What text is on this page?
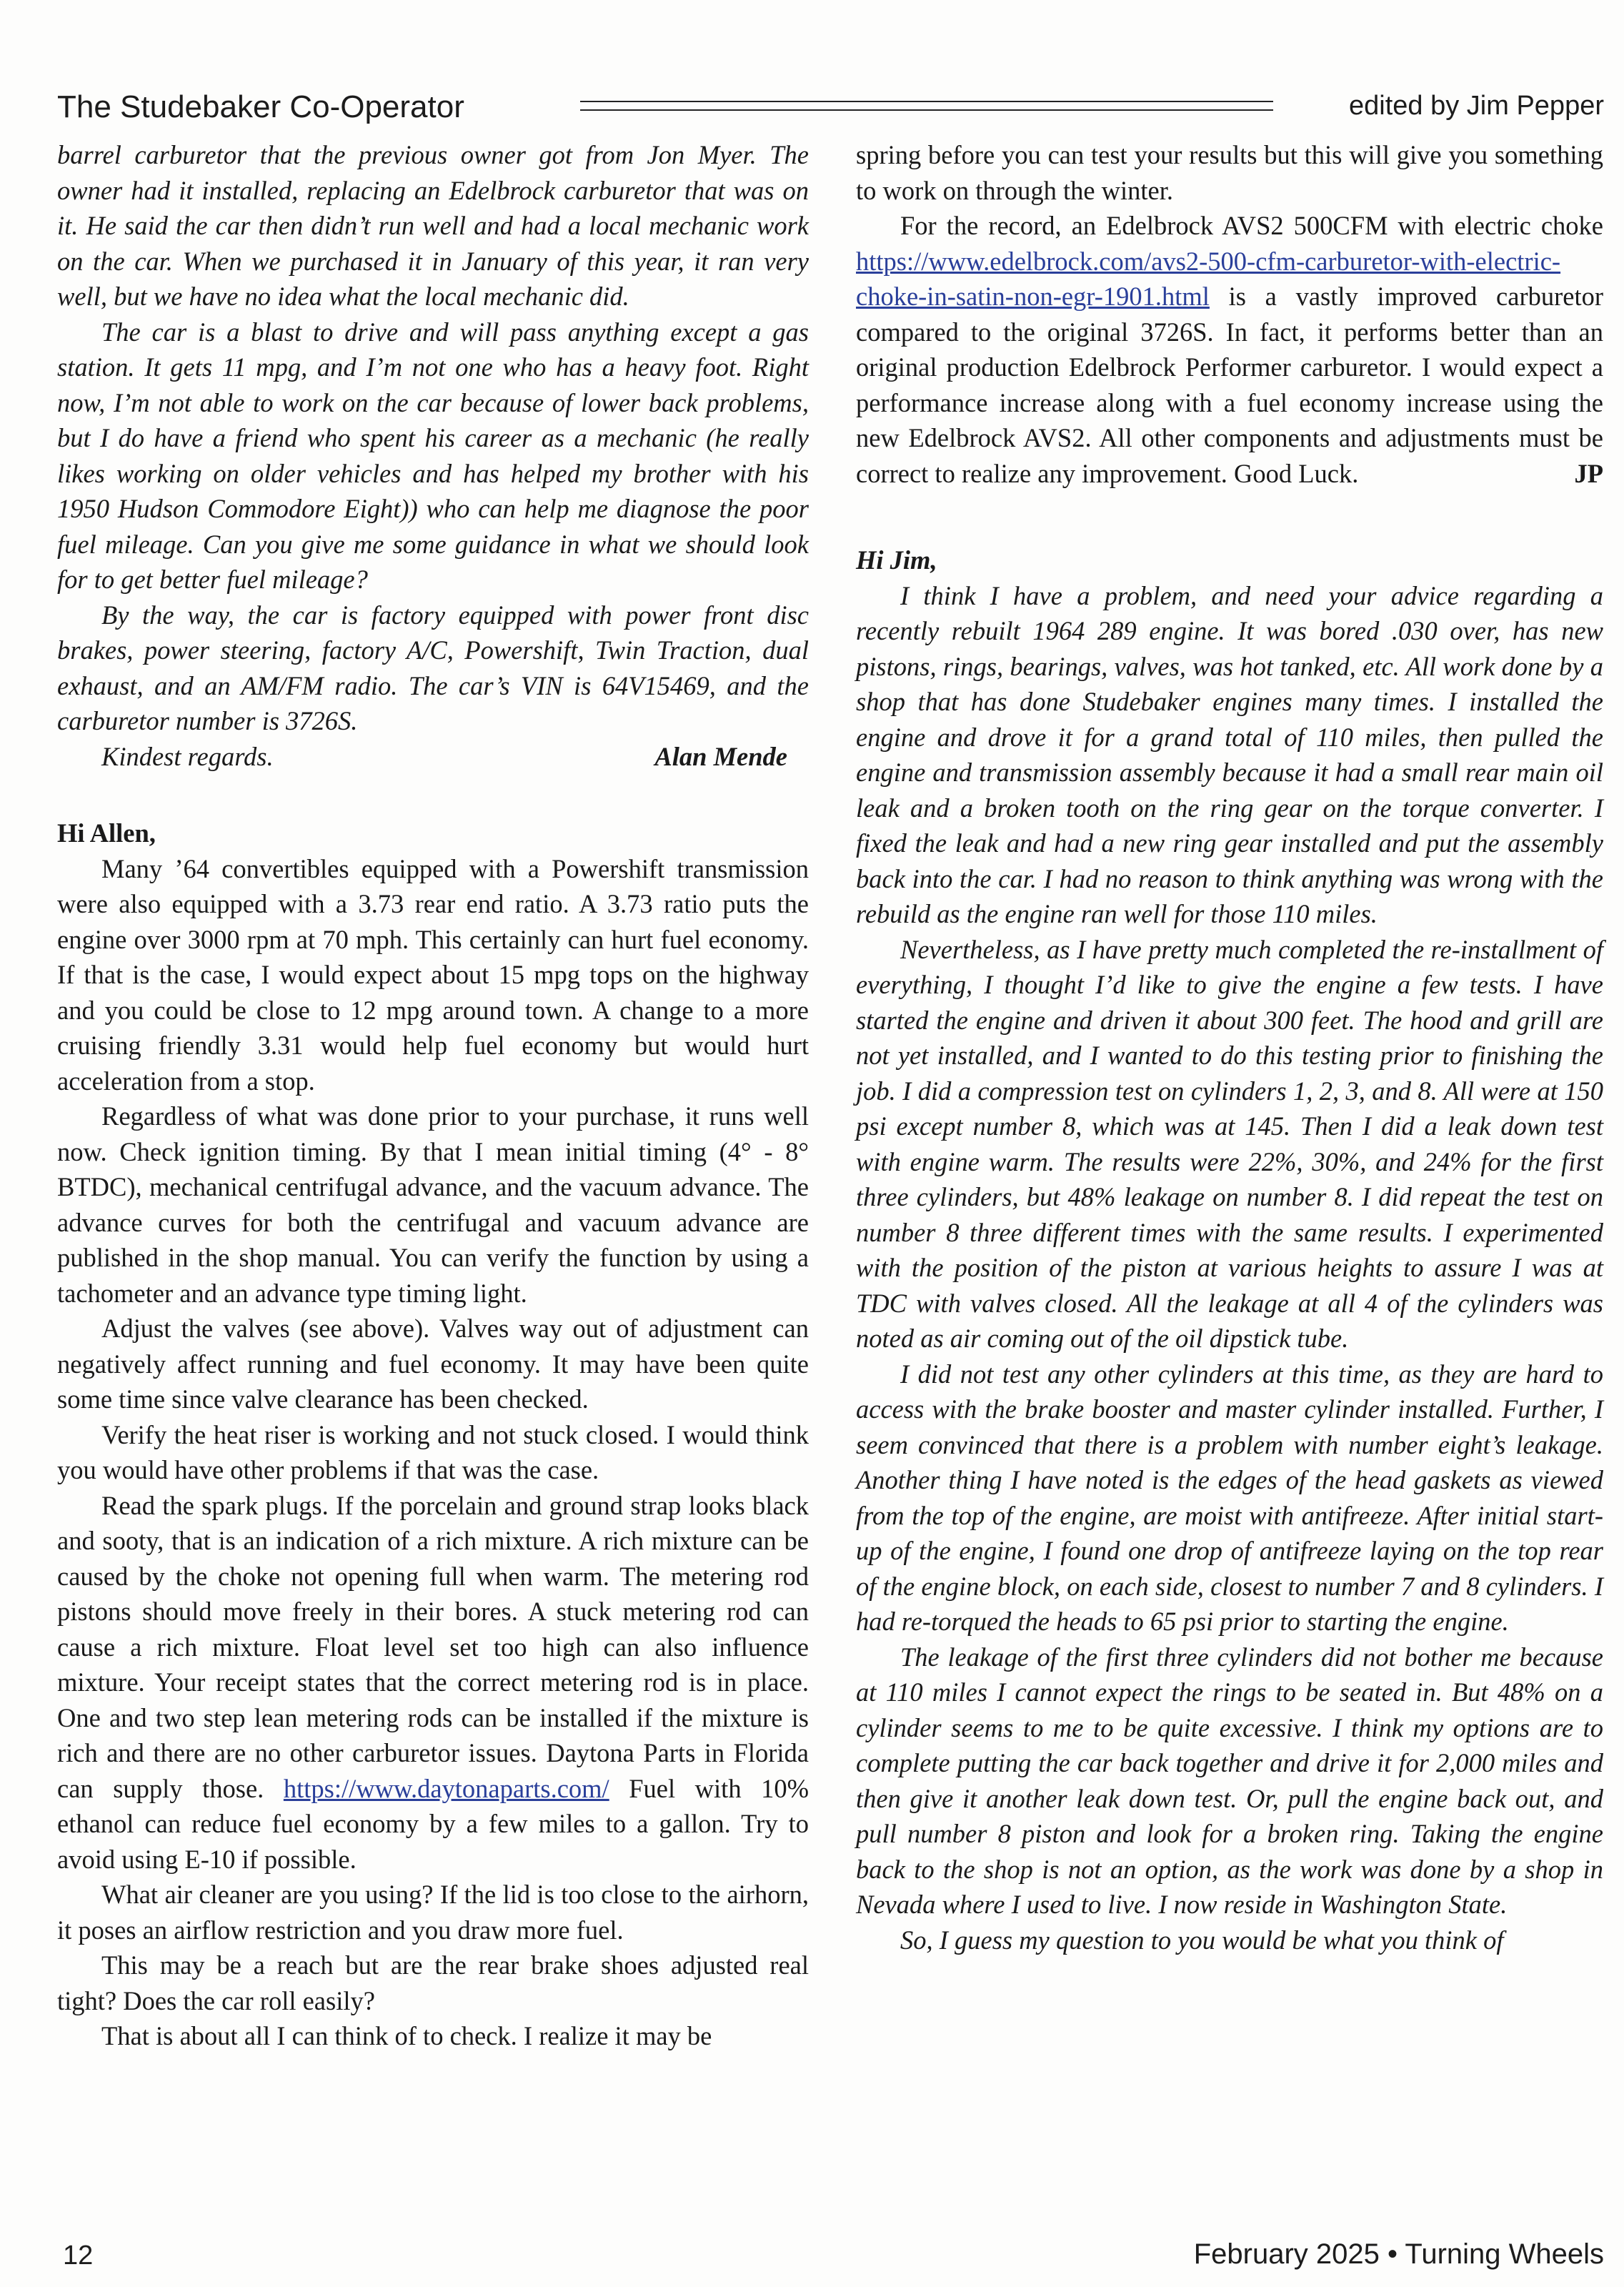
The Studebaker Co-Operator	edited by Jim Pepper

barrel carburetor that the previous owner got from Jon Myer. The owner had it installed, replacing an Edelbrock carburetor that was on it. He said the car then didn’t run well and had a local mechanic work on the car. When we purchased it in January of this year, it ran very well, but we have no idea what the local mechanic did.

The car is a blast to drive and will pass anything except a gas station. It gets 11 mpg, and I’m not one who has a heavy foot. Right now, I’m not able to work on the car because of lower back problems, but I do have a friend who spent his career as a mechanic (he really likes working on older vehicles and has helped my brother with his 1950 Hudson Commodore Eight)) who can help me diagnose the poor fuel mileage. Can you give me some guidance in what we should look for to get better fuel mileage?

By the way, the car is factory equipped with power front disc brakes, power steering, factory A/C, Powershift, Twin Traction, dual exhaust, and an AM/FM radio. The car’s VIN is 64V15469, and the carburetor number is 3726S.

Kindest regards.	Alan Mende

Hi Allen,

Many ’64 convertibles equipped with a Powershift transmission were also equipped with a 3.73 rear end ratio. A 3.73 ratio puts the engine over 3000 rpm at 70 mph. This certainly can hurt fuel economy. If that is the case, I would expect about 15 mpg tops on the highway and you could be close to 12 mpg around town. A change to a more cruising friendly 3.31 would help fuel economy but would hurt acceleration from a stop.

Regardless of what was done prior to your purchase, it runs well now. Check ignition timing. By that I mean initial timing (4° - 8° BTDC), mechanical centrifugal advance, and the vacuum advance. The advance curves for both the centrifugal and vacuum advance are published in the shop manual. You can verify the function by using a tachometer and an advance type timing light.

Adjust the valves (see above). Valves way out of adjustment can negatively affect running and fuel economy. It may have been quite some time since valve clearance has been checked.

Verify the heat riser is working and not stuck closed. I would think you would have other problems if that was the case.

Read the spark plugs. If the porcelain and ground strap looks black and sooty, that is an indication of a rich mixture. A rich mixture can be caused by the choke not opening full when warm. The metering rod pistons should move freely in their bores. A stuck metering rod can cause a rich mixture. Float level set too high can also influence mixture. Your receipt states that the correct metering rod is in place. One and two step lean metering rods can be installed if the mixture is rich and there are no other carburetor issues. Daytona Parts in Florida can supply those. https://www.daytonaparts.com/ Fuel with 10% ethanol can reduce fuel economy by a few miles to a gallon. Try to avoid using E-10 if possible.

What air cleaner are you using? If the lid is too close to the airhorn, it poses an airflow restriction and you draw more fuel.

This may be a reach but are the rear brake shoes adjusted real tight? Does the car roll easily?

That is about all I can think of to check. I realize it may be

spring before you can test your results but this will give you something to work on through the winter.

For the record, an Edelbrock AVS2 500CFM with electric choke https://www.edelbrock.com/avs2-500-cfm-carburetor-with-electric-choke-in-satin-non-egr-1901.html is a vastly improved carburetor compared to the original 3726S. In fact, it performs better than an original production Edelbrock Performer carburetor. I would expect a performance increase along with a fuel economy increase using the new Edelbrock AVS2. All other components and adjustments must be correct to realize any improvement. Good Luck.	JP

Hi Jim,

I think I have a problem, and need your advice regarding a recently rebuilt 1964 289 engine. It was bored .030 over, has new pistons, rings, bearings, valves, was hot tanked, etc. All work done by a shop that has done Studebaker engines many times. I installed the engine and drove it for a grand total of 110 miles, then pulled the engine and transmission assembly because it had a small rear main oil leak and a broken tooth on the ring gear on the torque converter. I fixed the leak and had a new ring gear installed and put the assembly back into the car. I had no reason to think anything was wrong with the rebuild as the engine ran well for those 110 miles.

Nevertheless, as I have pretty much completed the re-installment of everything, I thought I’d like to give the engine a few tests. I have started the engine and driven it about 300 feet. The hood and grill are not yet installed, and I wanted to do this testing prior to finishing the job. I did a compression test on cylinders 1, 2, 3, and 8. All were at 150 psi except number 8, which was at 145. Then I did a leak down test with engine warm. The results were 22%, 30%, and 24% for the first three cylinders, but 48% leakage on number 8. I did repeat the test on number 8 three different times with the same results. I experimented with the position of the piston at various heights to assure I was at TDC with valves closed. All the leakage at all 4 of the cylinders was noted as air coming out of the oil dipstick tube.

I did not test any other cylinders at this time, as they are hard to access with the brake booster and master cylinder installed. Further, I seem convinced that there is a problem with number eight’s leakage. Another thing I have noted is the edges of the head gaskets as viewed from the top of the engine, are moist with antifreeze. After initial start-up of the engine, I found one drop of antifreeze laying on the top rear of the engine block, on each side, closest to number 7 and 8 cylinders. I had re-torqued the heads to 65 psi prior to starting the engine.

The leakage of the first three cylinders did not bother me because at 110 miles I cannot expect the rings to be seated in. But 48% on a cylinder seems to me to be quite excessive. I think my options are to complete putting the car back together and drive it for 2,000 miles and then give it another leak down test. Or, pull the engine back out, and pull number 8 piston and look for a broken ring. Taking the engine back to the shop is not an option, as the work was done by a shop in Nevada where I used to live. I now reside in Washington State.

So, I guess my question to you would be what you think of

12	February 2025 • Turning Wheels
